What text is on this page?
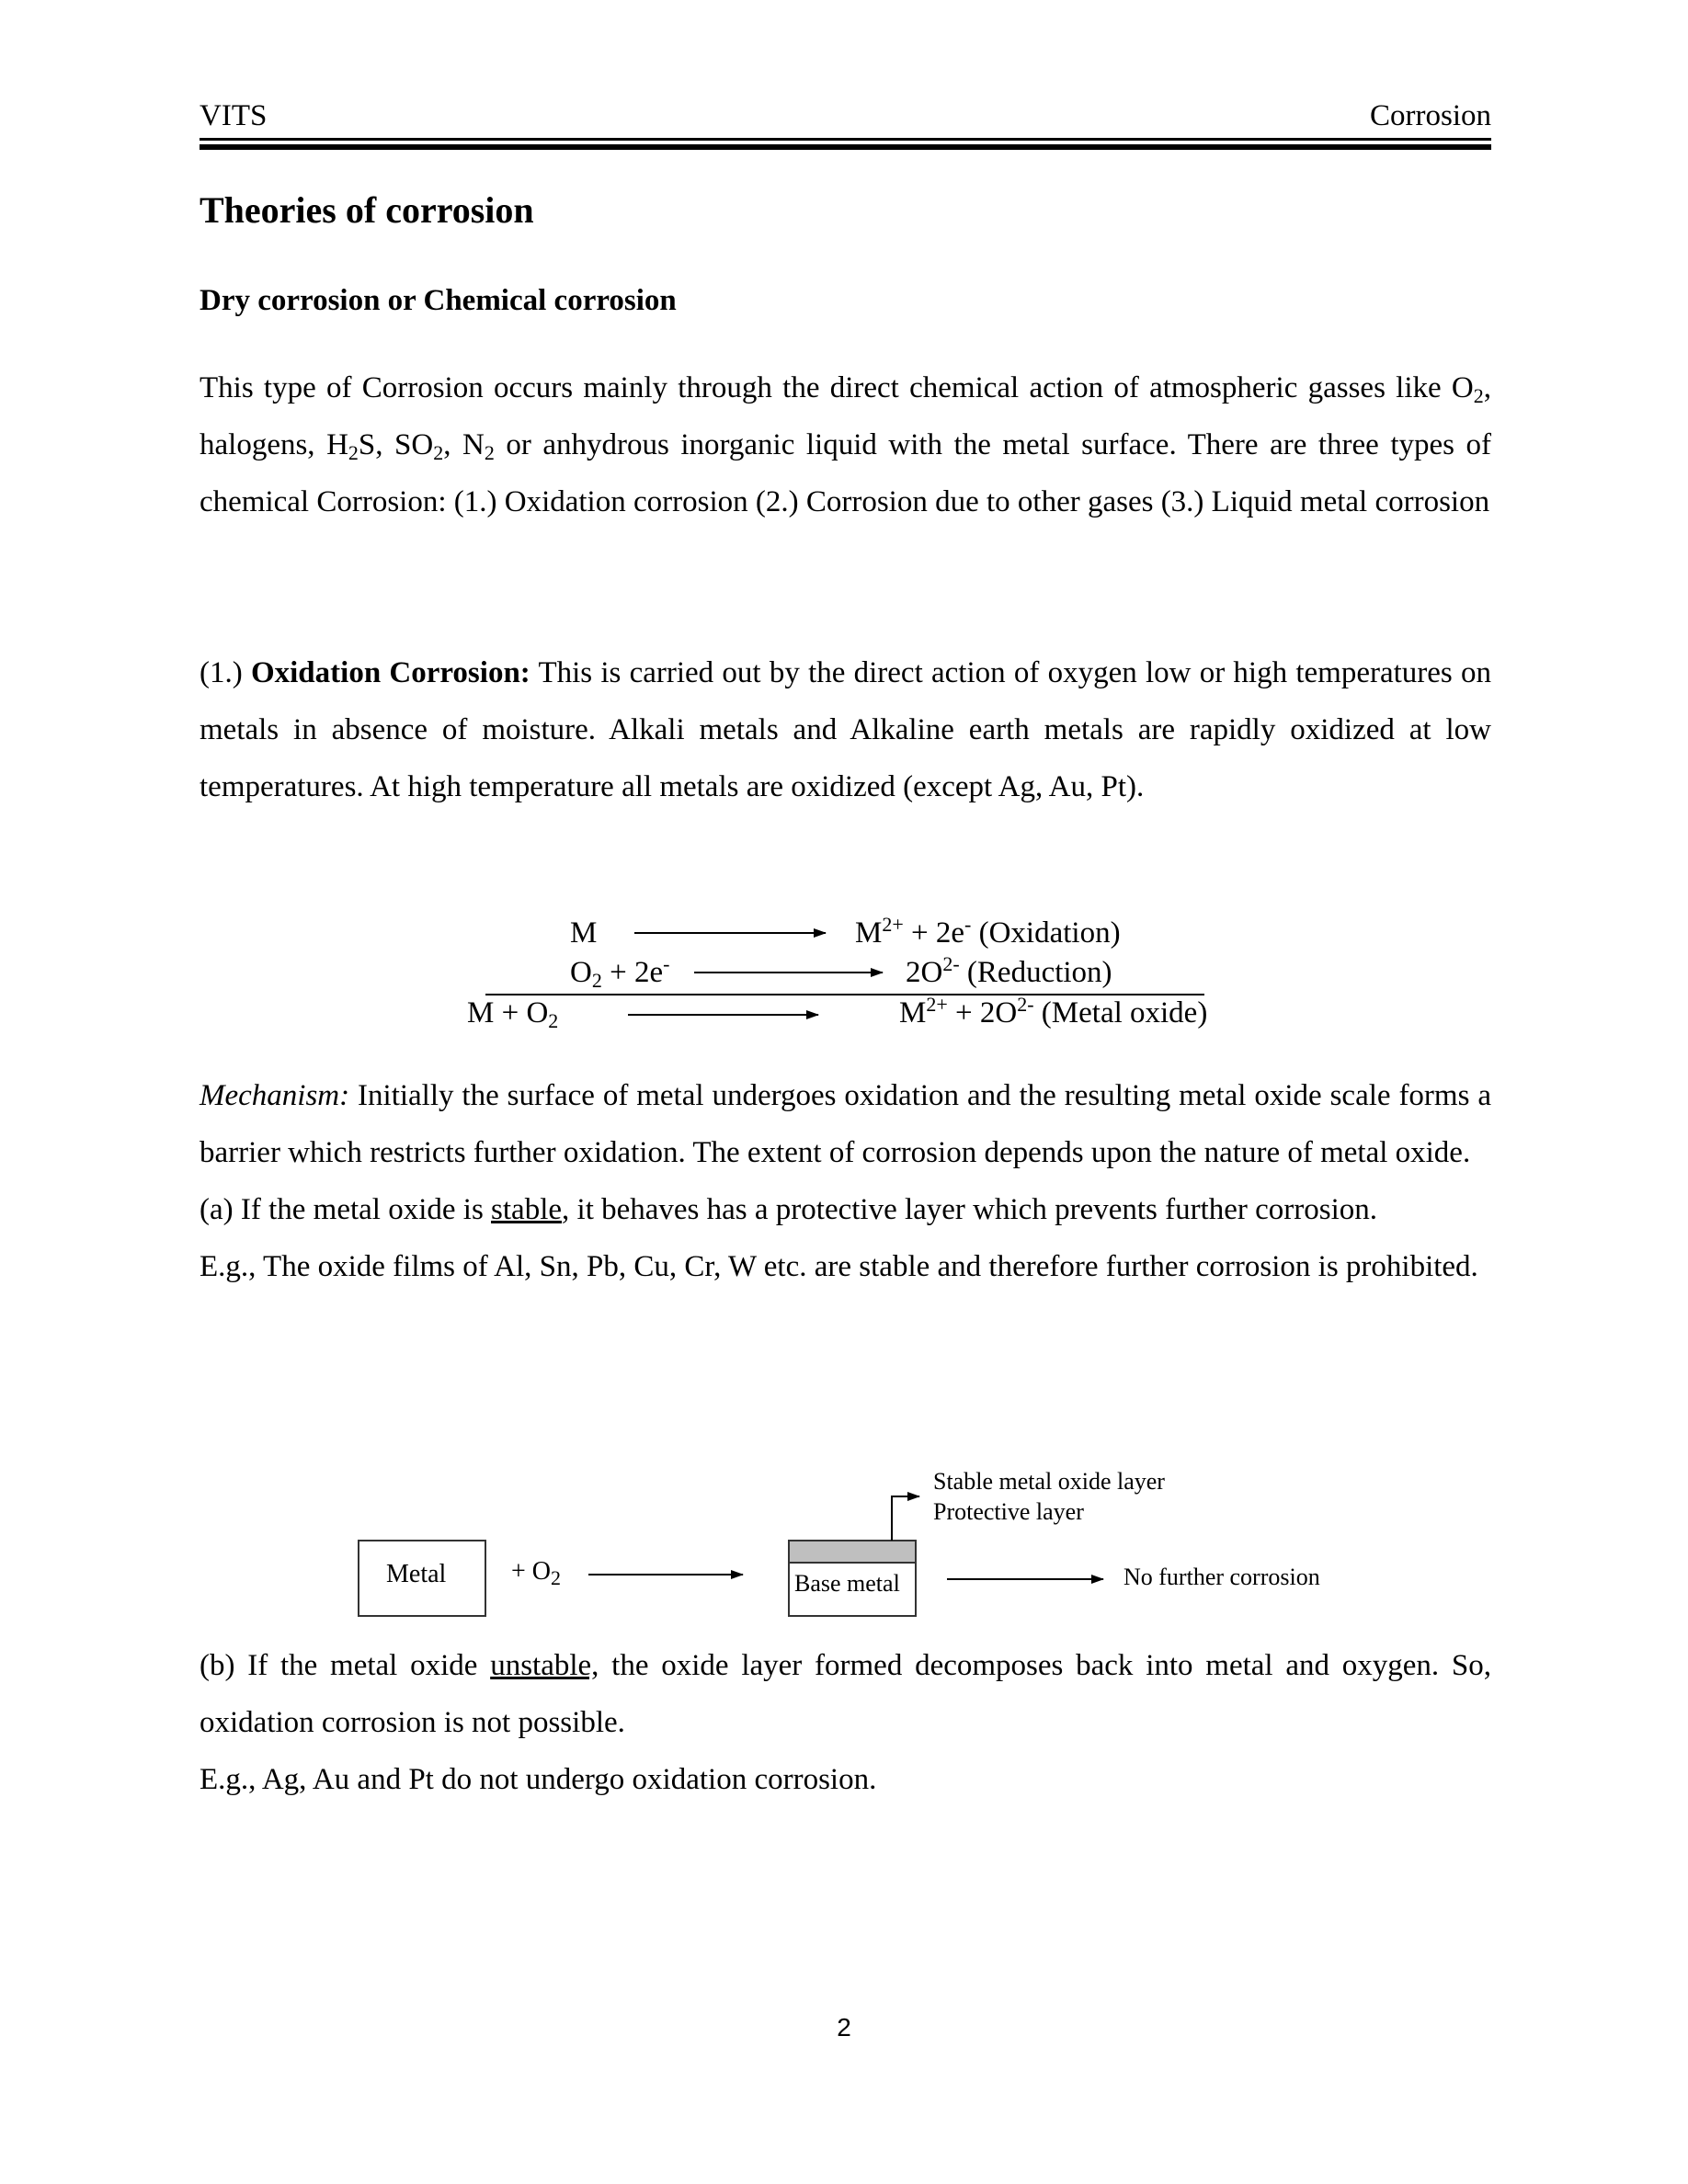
VITS	Corrosion
Theories of corrosion
Dry corrosion or Chemical corrosion
This type of Corrosion occurs mainly through the direct chemical action of atmospheric gasses like $O_2$, halogens, $H_2S$, $SO_2$, $N_2$ or anhydrous inorganic liquid with the metal surface. There are three types of chemical Corrosion: (1.) Oxidation corrosion (2.) Corrosion due to other gases (3.) Liquid metal corrosion
(1.) Oxidation Corrosion: This is carried out by the direct action of oxygen low or high temperatures on metals in absence of moisture. Alkali metals and Alkaline earth metals are rapidly oxidized at low temperatures. At high temperature all metals are oxidized (except Ag, Au, Pt).
M	$M^{2+} + 2e^-$ (Oxidation)
$O_2 + 2e^-$	$2O^{2-}$ (Reduction)
$M + O_2$	$M^{2+} + 2O^{2-}$ (Metal oxide)
Mechanism: Initially the surface of metal undergoes oxidation and the resulting metal oxide scale forms a barrier which restricts further oxidation. The extent of corrosion depends upon the nature of metal oxide.
(a) If the metal oxide is stable, it behaves has a protective layer which prevents further corrosion.
E.g., The oxide films of Al, Sn, Pb, Cu, Cr, W etc. are stable and therefore further corrosion is prohibited.
Metal	+ $O_2$	Base metal
Stable metal oxide layer
Protective layer
No further corrosion
(b) If the metal oxide unstable, the oxide layer formed decomposes back into metal and oxygen. So, oxidation corrosion is not possible.
E.g., Ag, Au and Pt do not undergo oxidation corrosion.
2
